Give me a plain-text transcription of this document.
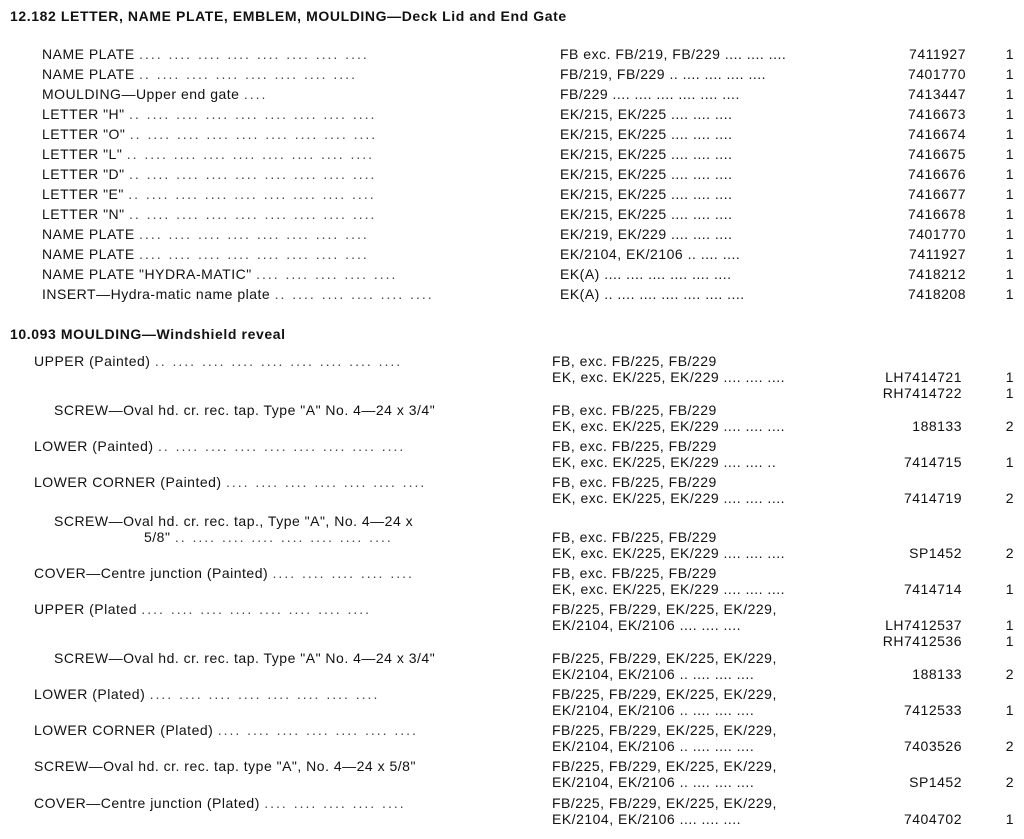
12.182 LETTER, NAME PLATE, EMBLEM, MOULDING—Deck Lid and End Gate
NAME PLATE .... .... .... .... .... .... .... ....	FB exc. FB/219, FB/229 .... .... ....	7411927	1
NAME PLATE .. .... .... .... .... .... .... ....	FB/219, FB/229 .. .... .... .... ....	7401770	1
MOULDING—Upper end gate ....	FB/229 .... .... .... .... .... ....	7413447	1
LETTER "H" .. .... .... .... .... .... .... .... ....	EK/215, EK/225 .... .... ....	7416673	1
LETTER "O" .. .... .... .... .... .... .... .... ....	EK/215, EK/225 .... .... ....	7416674	1
LETTER "L" .. .... .... .... .... .... .... .... ....	EK/215, EK/225 .... .... ....	7416675	1
LETTER "D" .. .... .... .... .... .... .... .... ....	EK/215, EK/225 .... .... ....	7416676	1
LETTER "E" .. .... .... .... .... .... .... .... ....	EK/215, EK/225 .... .... ....	7416677	1
LETTER "N" .. .... .... .... .... .... .... .... ....	EK/215, EK/225 .... .... ....	7416678	1
NAME PLATE .... .... .... .... .... .... .... ....	EK/219, EK/229 .... .... ....	7401770	1
NAME PLATE .... .... .... .... .... .... .... ....	EK/2104, EK/2106 .. .... ....	7411927	1
NAME PLATE "HYDRA-MATIC" .... .... .... .... ....	EK(A) .... .... .... .... .... ....	7418212	1
INSERT—Hydra-matic name plate .. .... .... .... .... ....	EK(A) .. .... .... .... .... .... ....	7418208	1
10.093 MOULDING—Windshield reveal
UPPER (Painted) .. .... .... .... .... .... .... .... ....	FB, exc. FB/225, FB/229
EK, exc. EK/225, EK/229 .... .... ....	LH7414721	1
RH7414722	1
SCREW—Oval hd. cr. rec. tap. Type "A" No. 4—24 x 3/4"	FB, exc. FB/225, FB/229
EK, exc. EK/225, EK/229 .... .... ....	188133	2
LOWER (Painted) .. .... .... .... .... .... .... .... ....	FB, exc. FB/225, FB/229
EK, exc. EK/225, EK/229 .... .... ..	7414715	1
LOWER CORNER (Painted) .... .... .... .... .... .... ....	FB, exc. FB/225, FB/229
EK, exc. EK/225, EK/229 .... .... ....	7414719	2
SCREW—Oval hd. cr. rec. tap., Type "A", No. 4—24 x
5/8" .. .... .... .... .... .... .... ....	FB, exc. FB/225, FB/229
EK, exc. EK/225, EK/229 .... .... ....	SP1452	2
COVER—Centre junction (Painted) .... .... .... .... ....	FB, exc. FB/225, FB/229
EK, exc. EK/225, EK/229 .... .... ....	7414714	1
UPPER (Plated .... .... .... .... .... .... .... ....	FB/225, FB/229, EK/225, EK/229,
EK/2104, EK/2106 .... .... ....	LH7412537	1
RH7412536	1
SCREW—Oval hd. cr. rec. tap. Type "A" No. 4—24 x 3/4"	FB/225, FB/229, EK/225, EK/229,
EK/2104, EK/2106 .. .... .... ....	188133	2
LOWER (Plated) .... .... .... .... .... .... .... ....	FB/225, FB/229, EK/225, EK/229,
EK/2104, EK/2106 .. .... .... ....	7412533	1
LOWER CORNER (Plated) .... .... .... .... .... .... ....	FB/225, FB/229, EK/225, EK/229,
EK/2104, EK/2106 .. .... .... ....	7403526	2
SCREW—Oval hd. cr. rec. tap. type "A", No. 4—24 x 5/8"	FB/225, FB/229, EK/225, EK/229,
EK/2104, EK/2106 .. .... .... ....	SP1452	2
COVER—Centre junction (Plated) .... .... .... .... ....	FB/225, FB/229, EK/225, EK/229,
EK/2104, EK/2106 .... .... ....	7404702	1
